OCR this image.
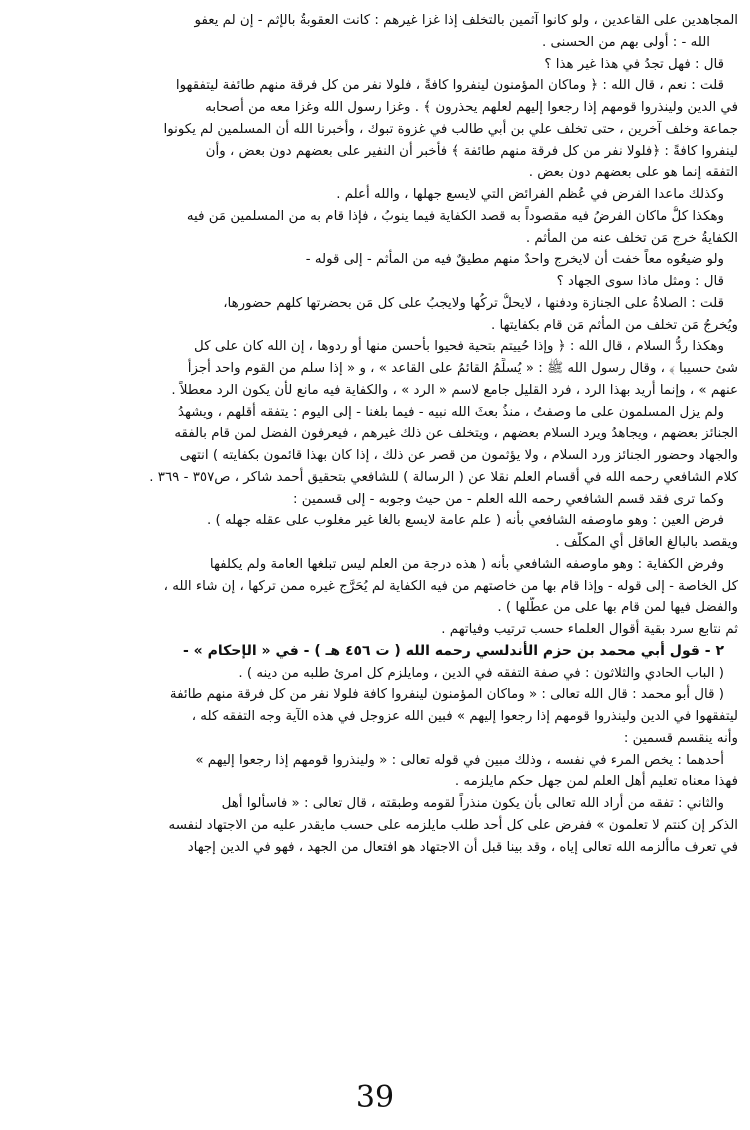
المجاهدين على القاعدين ، ولو كانوا آثمين بالتخلف إذا غزا غيرهم : كانت العقوبةُ بالإثم - إن لم يعفو
الله - : أولى بهم من الحسنى .
قال : فهل تجدُ في هذا غير هذا ؟
قلت : نعم ، قال الله : ﴿ وماكان المؤمنون لينفروا كافةً ، فلولا نفر من كل فرقة منهم طائفة ليتفقهوا
في الدين ولينذروا قومهم إذا رجعوا إليهم لعلهم يحذرون ﴾ . وغزا رسول الله وغزا معه من أصحابه
جماعة وخلف آخرين ، حتى تخلف علي بن أبي طالب في غزوة تبوك ، وأخبرنا الله أن المسلمين لم يكونوا
لينفروا كافةً : ﴿فلولا نفر من كل فرقة منهم طائفة ﴾ فأخبر أن النفير على بعضهم دون بعض ، وأن
التفقه إنما هو على بعضهم دون بعض .
وكذلك ماعدا الفرض في عُظم الفرائض التي لايسع جهلها ، والله أعلم .
وهكذا كلُّ ماكان الفرضُ فيه مقصوداً به قصد الكفاية فيما ينوبُ ، فإذا قام به من المسلمين مَن فيه
الكفايةُ خرج مَن تخلف عنه من المأثم .
ولو ضيعُوه معاً خفت أن لايخرج واحدٌ منهم مطيقٌ فيه من المأثم - إلى قوله -
قال : ومثل ماذا سوى الجهاد ؟
قلت : الصلاةُ على الجنازة ودفنها ، لايحلُّ تركُها ولايجبُ على كل مَن بحضرتها كلهم حضورها،
ويُخرجُ مَن تخلف من المأثم مَن قام بكفايتها .
وهكذا ردُّ السلام ، قال الله : ﴿ وإذا حُييتم بتحية فحيوا بأحسن منها أو ردوها ، إن الله كان على كل
شئ حسيبا ﴾ ، وقال رسول الله ﷺ : « يُسلِّمُ القائمُ على القاعد » ، و « إذا سلم من القوم واحد أجزأ
عنهم » ، وإنما أُريد بهذا الرد ، فرد القليل جامع لاسم « الرد » ، والكفاية فيه مانع لأن يكون الرد معطلاً .
ولم يزل المسلمون على ما وصفتُ ، منذُ بعثَ الله نبيه - فيما بلغنا - إلى اليوم : يتفقه أقلهم ، ويشهدُ
الجنائز بعضهم ، ويجاهدُ ويرد السلام بعضهم ، ويتخلف عن ذلك غيرهم ، فيعرفون الفضل لمن قام بالفقه
والجهاد وحضور الجنائز ورد السلام ، ولا يؤثمون من قصر عن ذلك ، إذا كان بهذا قائمون بكفايته ) انتهى
كلام الشافعي رحمه الله في أقسام العلم نقلا عن ( الرسالة ) للشافعي بتحقيق أحمد شاكر ، ص٣٥٧ - ٣٦٩ .
وكما ترى فقد قسم الشافعي رحمه الله العلم - من حيث وجوبه - إلى قسمين :
فرض العين : وهو ماوصفه الشافعي بأنه ( علم عامة لايسع بالغا غير مغلوب على عقله جهله ) .
ويقصد بالبالغ العاقل أي المكلّف .
وفرض الكفاية : وهو ماوصفه الشافعي بأنه ( هذه درجة من العلم ليس تبلغها العامة ولم يكلفها
كل الخاصة - إلى قوله - وإذا قام بها من خاصتهم من فيه الكفاية لم يُحَرَّج غيره ممن تركها ، إن شاء الله ،
والفضل فيها لمن قام بها على من عطَّلها ) .
ثم نتابع سرد بقية أقوال العلماء حسب ترتيب وفياتهم .
٢ - قول أبي محمد بن حزم الأندلسي رحمه الله ( ت ٤٥٦ هـ ) - في « الإحكام » -
( الباب الحادي والثلاثون : في صفة التفقه في الدين ، ومايلزم كل امرئ طلبه من دينه ) .
( قال أبو محمد : قال الله تعالى : « وماكان المؤمنون لينفروا كافة فلولا نفر من كل فرقة منهم طائفة
ليتفقهوا في الدين ولينذروا قومهم إذا رجعوا إليهم » فبين الله عزوجل في هذه الآية وجه التفقه كله ،
وأنه ينقسم قسمين :
أحدهما : يخص المرء في نفسه ، وذلك مبين في قوله تعالى : « ولينذروا قومهم إذا رجعوا إليهم »
فهذا معناه تعليم أهل العلم لمن جهل حكم مايلزمه .
والثاني : تفقه من أراد الله تعالى بأن يكون منذراً لقومه وطبقته ، قال تعالى : « فاسألوا أهل
الذكر إن كنتم لا تعلمون » ففرض على كل أحد طلب مايلزمه على حسب مايقدر عليه من الاجتهاد لنفسه
في تعرف ماألزمه الله تعالى إياه ، وقد بينا قبل أن الاجتهاد هو افتعال من الجهد ، فهو في الدين إجهاد
39
